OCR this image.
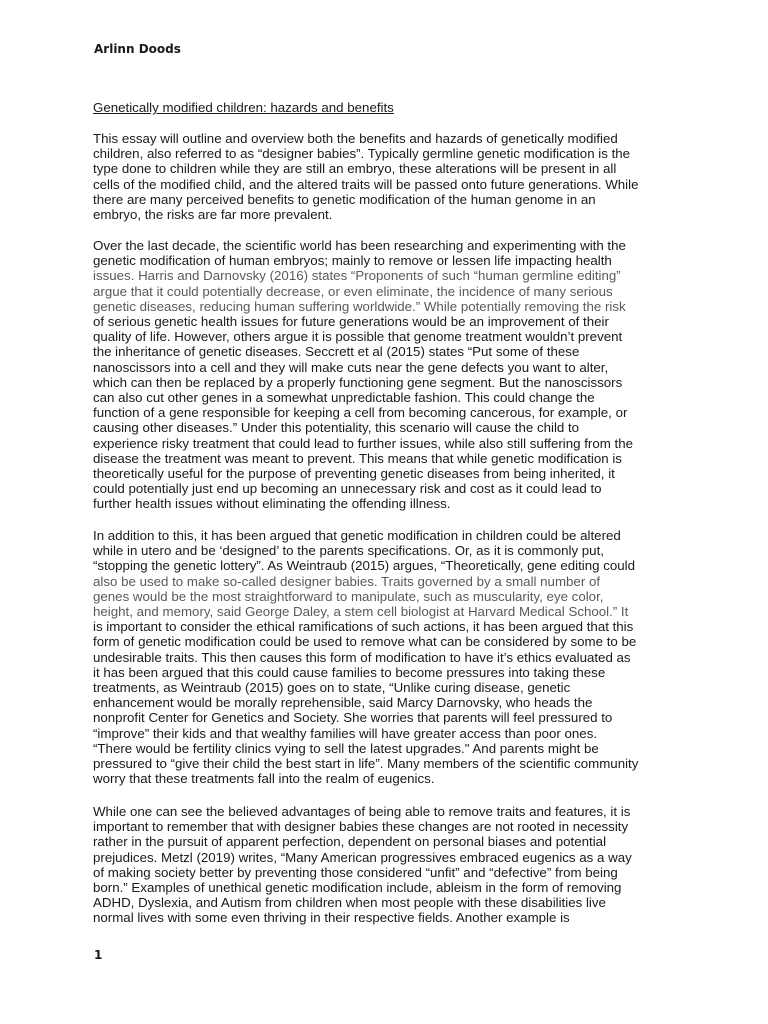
Arlinn Doods
Genetically modified children: hazards and benefits
This essay will outline and overview both the benefits and hazards of genetically modified
children, also referred to as “designer babies”. Typically germline genetic modification is the
type done to children while they are still an embryo, these alterations will be present in all
cells of the modified child, and the altered traits will be passed onto future generations. While
there are many perceived benefits to genetic modification of the human genome in an
embryo, the risks are far more prevalent.
Over the last decade, the scientific world has been researching and experimenting with the
genetic modification of human embryos; mainly to remove or lessen life impacting health
issues. Harris and Darnovsky (2016) states “Proponents of such “human germline editing”
argue that it could potentially decrease, or even eliminate, the incidence of many serious
genetic diseases, reducing human suffering worldwide.” While potentially removing the risk
of serious genetic health issues for future generations would be an improvement of their
quality of life. However, others argue it is possible that genome treatment wouldn’t prevent
the inheritance of genetic diseases. Seccrett et al (2015) states “Put some of these
nanoscissors into a cell and they will make cuts near the gene defects you want to alter,
which can then be replaced by a properly functioning gene segment. But the nanoscissors
can also cut other genes in a somewhat unpredictable fashion. This could change the
function of a gene responsible for keeping a cell from becoming cancerous, for example, or
causing other diseases.” Under this potentiality, this scenario will cause the child to
experience risky treatment that could lead to further issues, while also still suffering from the
disease the treatment was meant to prevent. This means that while genetic modification is
theoretically useful for the purpose of preventing genetic diseases from being inherited, it
could potentially just end up becoming an unnecessary risk and cost as it could lead to
further health issues without eliminating the offending illness.
In addition to this, it has been argued that genetic modification in children could be altered
while in utero and be ‘designed’ to the parents specifications. Or, as it is commonly put,
“stopping the genetic lottery”. As Weintraub (2015) argues, “Theoretically, gene editing could
also be used to make so-called designer babies. Traits governed by a small number of
genes would be the most straightforward to manipulate, such as muscularity, eye color,
height, and memory, said George Daley, a stem cell biologist at Harvard Medical School.” It
is important to consider the ethical ramifications of such actions, it has been argued that this
form of genetic modification could be used to remove what can be considered by some to be
undesirable traits. This then causes this form of modification to have it’s ethics evaluated as
it has been argued that this could cause families to become pressures into taking these
treatments, as Weintraub (2015) goes on to state, “Unlike curing disease, genetic
enhancement would be morally reprehensible, said Marcy Darnovsky, who heads the
nonprofit Center for Genetics and Society. She worries that parents will feel pressured to
“improve” their kids and that wealthy families will have greater access than poor ones.
“There would be fertility clinics vying to sell the latest upgrades." And parents might be
pressured to “give their child the best start in life”. Many members of the scientific community
worry that these treatments fall into the realm of eugenics.
While one can see the believed advantages of being able to remove traits and features, it is
important to remember that with designer babies these changes are not rooted in necessity
rather in the pursuit of apparent perfection, dependent on personal biases and potential
prejudices. Metzl (2019) writes, “Many American progressives embraced eugenics as a way
of making society better by preventing those considered “unfit” and “defective” from being
born.” Examples of unethical genetic modification include, ableism in the form of removing
ADHD, Dyslexia, and Autism from children when most people with these disabilities live
normal lives with some even thriving in their respective fields. Another example is
1
